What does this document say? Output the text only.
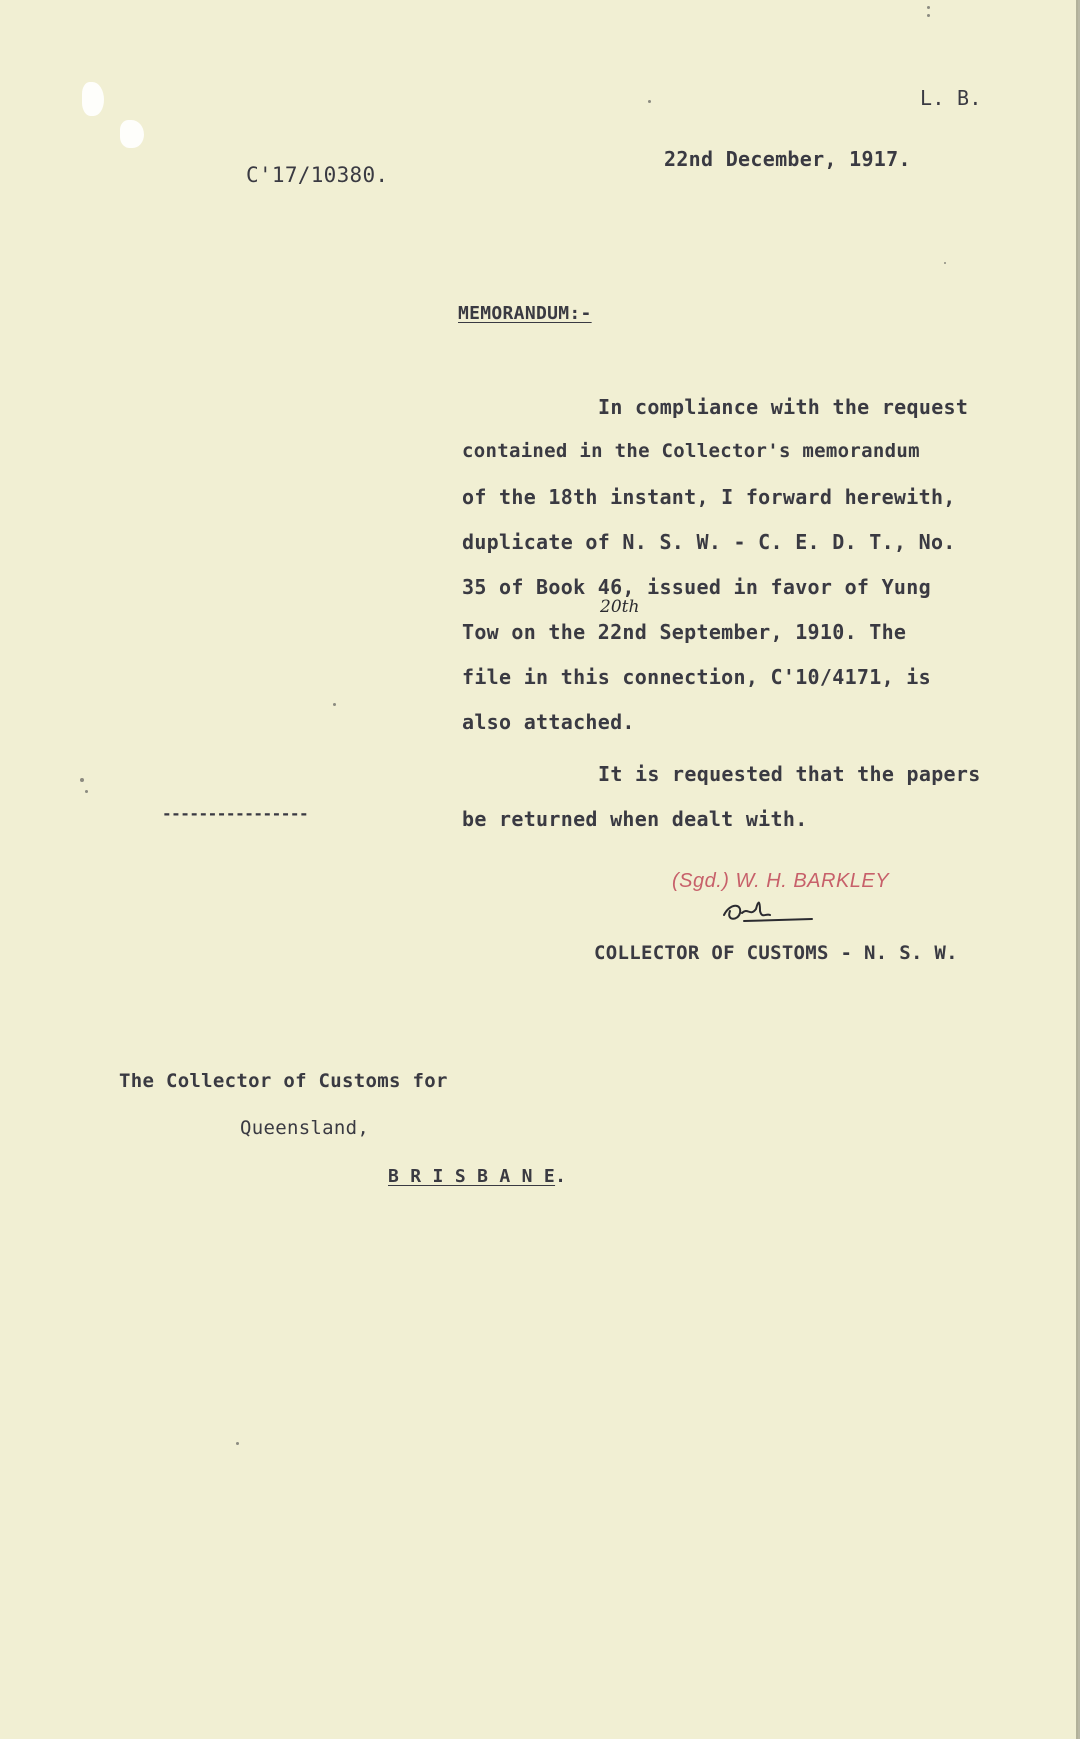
L. B.
C'17/10380.
22nd December, 1917.
MEMORANDUM:-
In compliance with the request
contained in the Collector's memorandum
of the 18th instant, I forward herewith,
duplicate of N. S. W. - C. E. D. T., No.
35 of Book 46, issued in favor of Yung
Tow on the 22nd September, 1910. The
file in this connection, C'10/4171, is
also attached.
20th
It is requested that the papers
be returned when dealt with.
----------------
(Sgd.) W. H. BARKLEY
COLLECTOR OF CUSTOMS - N. S. W.
The Collector of Customs for
Queensland,
B R I S B A N E.
